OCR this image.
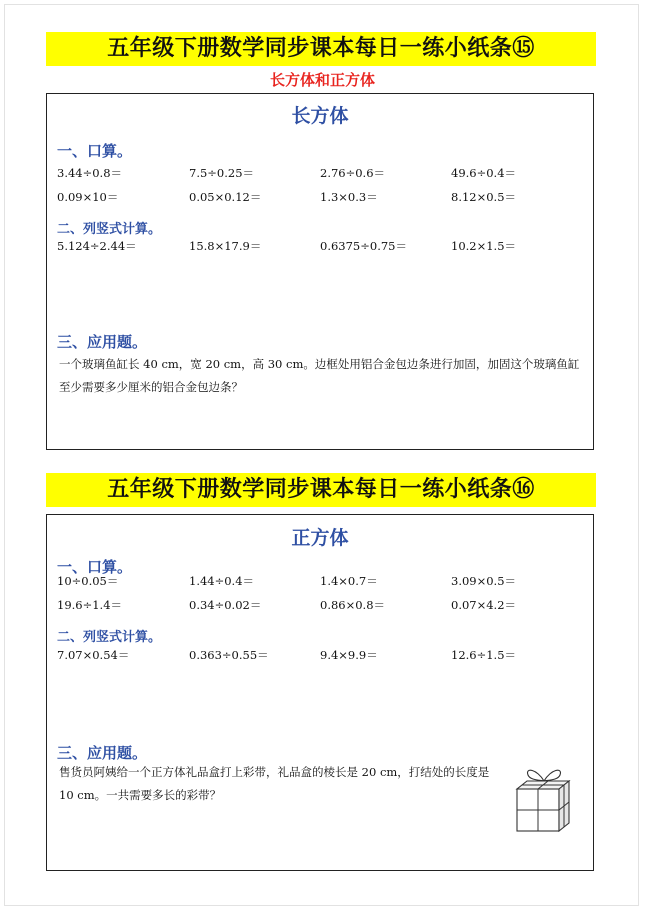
五年级下册数学同步课本每日一练小纸条⑮
长方体和正方体
长方体
一、口算。
3.44÷0.8＝	7.5÷0.25＝	2.76÷0.6＝	49.6÷0.4＝
0.09×10＝	0.05×0.12＝	1.3×0.3＝	8.12×0.5＝
二、列竖式计算。
5.124÷2.44＝	15.8×17.9＝	0.6375÷0.75＝	10.2×1.5＝
三、应用题。
一个玻璃鱼缸长 40 cm，宽 20 cm，高 30 cm。边框处用铝合金包边条进行加固，加固这个玻璃鱼缸至少需要多少厘米的铝合金包边条？
五年级下册数学同步课本每日一练小纸条⑯
正方体
一、口算。
10÷0.05＝	1.44÷0.4＝	1.4×0.7＝	3.09×0.5＝
19.6÷1.4＝	0.34÷0.02＝	0.86×0.8＝	0.07×4.2＝
二、列竖式计算。
7.07×0.54＝	0.363÷0.55＝	9.4×9.9＝	12.6÷1.5＝
三、应用题。
售货员阿姨给一个正方体礼品盒打上彩带，礼品盒的棱长是 20 cm，打结处的长度是 10 cm。一共需要多长的彩带？
